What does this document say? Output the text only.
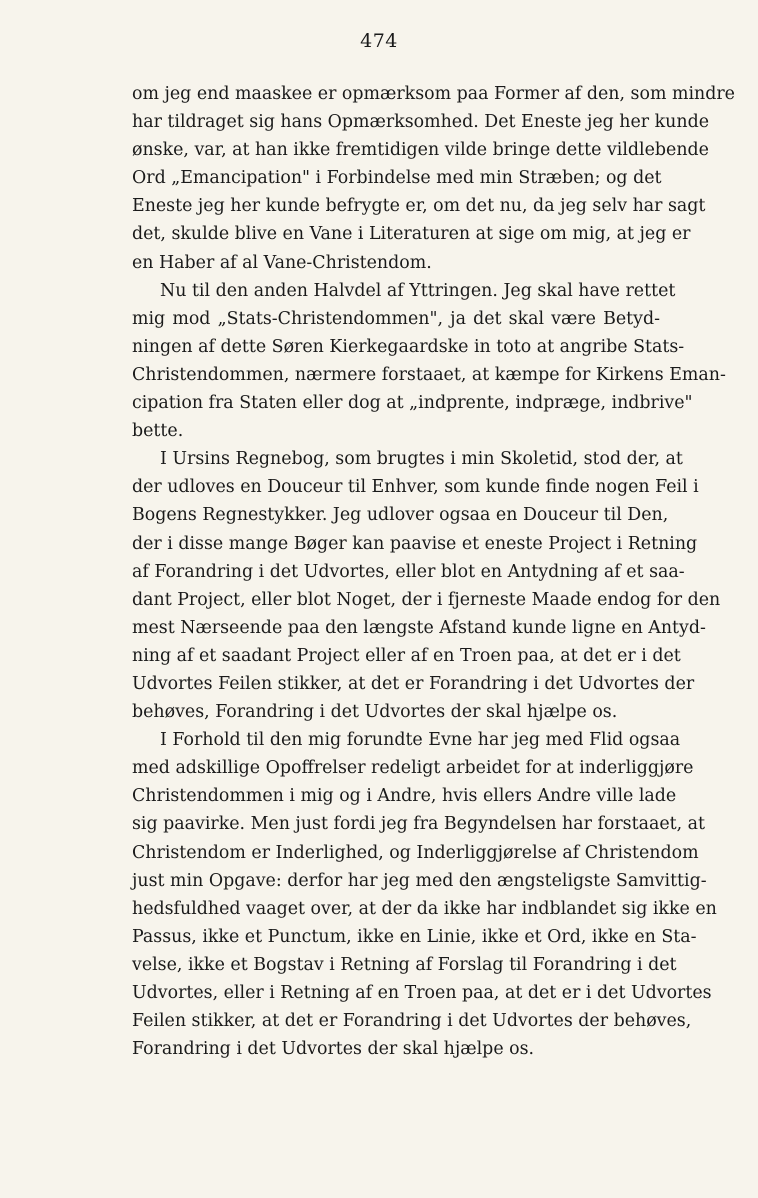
474
om jeg end maaskee er opmærksom paa Former af den, som mindre
har tildraget sig hans Opmærksomhed. Det Eneste jeg her kunde
ønske, var, at han ikke fremtidigen vilde bringe dette vildlebende
Ord „Emancipation" i Forbindelse med min Stræben; og det
Eneste jeg her kunde befrygte er, om det nu, da jeg selv har sagt
det, skulde blive en Vane i Literaturen at sige om mig, at jeg er
en Haber af al Vane-Christendom.
Nu til den anden Halvdel af Yttringen. Jeg skal have rettet
mig mod „Stats-Christendommen", ja det skal være Betyd-
ningen af dette Søren Kierkegaardske in toto at angribe Stats-
Christendommen, nærmere forstaaet, at kæmpe for Kirkens Eman-
cipation fra Staten eller dog at „indprente, indpræge, indbrive"
bette.
I Ursins Regnebog, som brugtes i min Skoletid, stod der, at
der udloves en Douceur til Enhver, som kunde finde nogen Feil i
Bogens Regnestykker. Jeg udlover ogsaa en Douceur til Den,
der i disse mange Bøger kan paavise et eneste Project i Retning
af Forandring i det Udvortes, eller blot en Antydning af et saa-
dant Project, eller blot Noget, der i fjerneste Maade endog for den
mest Nærseende paa den længste Afstand kunde ligne en Antyd-
ning af et saadant Project eller af en Troen paa, at det er i det
Udvortes Feilen stikker, at det er Forandring i det Udvortes der
behøves, Forandring i det Udvortes der skal hjælpe os.
I Forhold til den mig forundte Evne har jeg med Flid ogsaa
med adskillige Opoffrelser redeligt arbeidet for at inderliggjøre
Christendommen i mig og i Andre, hvis ellers Andre ville lade
sig paavirke. Men just fordi jeg fra Begyndelsen har forstaaet, at
Christendom er Inderlighed, og Inderliggjørelse af Christendom
just min Opgave: derfor har jeg med den ængsteligste Samvittig-
hedsfuldhed vaaget over, at der da ikke har indblandet sig ikke en
Passus, ikke et Punctum, ikke en Linie, ikke et Ord, ikke en Sta-
velse, ikke et Bogstav i Retning af Forslag til Forandring i det
Udvortes, eller i Retning af en Troen paa, at det er i det Udvortes
Feilen stikker, at det er Forandring i det Udvortes der behøves,
Forandring i det Udvortes der skal hjælpe os.
